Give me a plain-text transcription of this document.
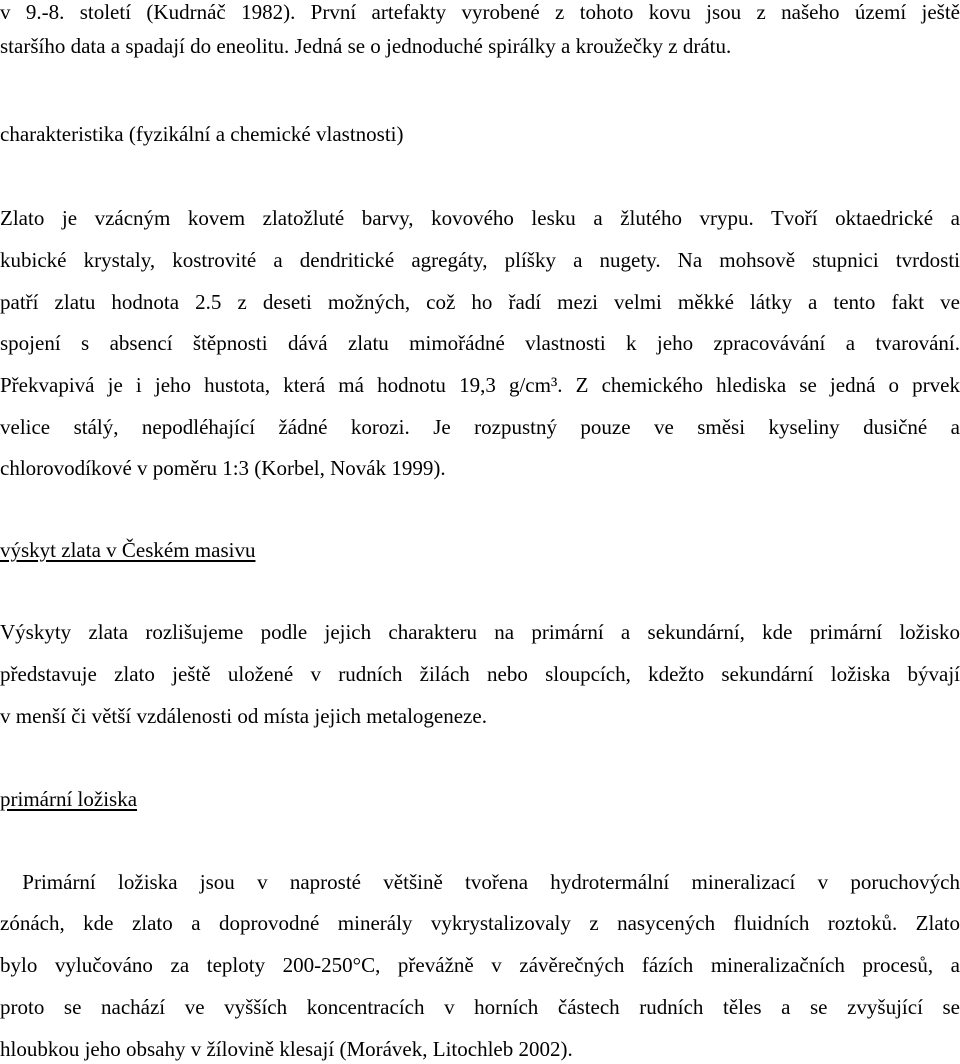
v 9.-8. století (Kudrnáč 1982). První artefakty vyrobené z tohoto kovu jsou z našeho území ještě
staršího data a spadají do eneolitu. Jedná se o jednoduché spirálky a kroužečky z drátu.
charakteristika (fyzikální a chemické vlastnosti)
Zlato je vzácným kovem zlatožluté barvy, kovového lesku a žlutého vrypu. Tvoří oktaedrické a
kubické krystaly, kostrovité a dendritické agregáty, plíšky a nugety. Na mohsově stupnici tvrdosti
patří zlatu hodnota 2.5 z deseti možných, což ho řadí mezi velmi měkké látky a tento fakt ve
spojení s absencí štěpnosti dává zlatu mimořádné vlastnosti k jeho zpracovávání a tvarování.
Překvapivá je i jeho hustota, která má hodnotu 19,3 g/cm³. Z chemického hlediska se jedná o prvek
velice stálý, nepodléhající žádné korozi. Je rozpustný pouze ve směsi kyseliny dusičné a
chlorovodíkové v poměru 1:3 (Korbel, Novák 1999).
výskyt zlata v Českém masivu
Výskyty zlata rozlišujeme podle jejich charakteru na primární a sekundární, kde primární ložisko
představuje zlato ještě uložené v rudních žilách nebo sloupcích, kdežto sekundární ložiska bývají
v menší či větší vzdálenosti od místa jejich metalogeneze.
primární ložiska
Primární ložiska jsou v naprosté většině tvořena hydrotermální mineralizací v poruchových
zónách, kde zlato a doprovodné minerály vykrystalizovaly z nasycených fluidních roztoků. Zlato
bylo vylučováno za teploty 200-250°C, převážně v závěrečných fázích mineralizačních procesů, a
proto se nachází ve vyšších koncentracích v horních částech rudních těles a se zvyšující se
hloubkou jeho obsahy v žílovině klesají (Morávek, Litochleb 2002).
